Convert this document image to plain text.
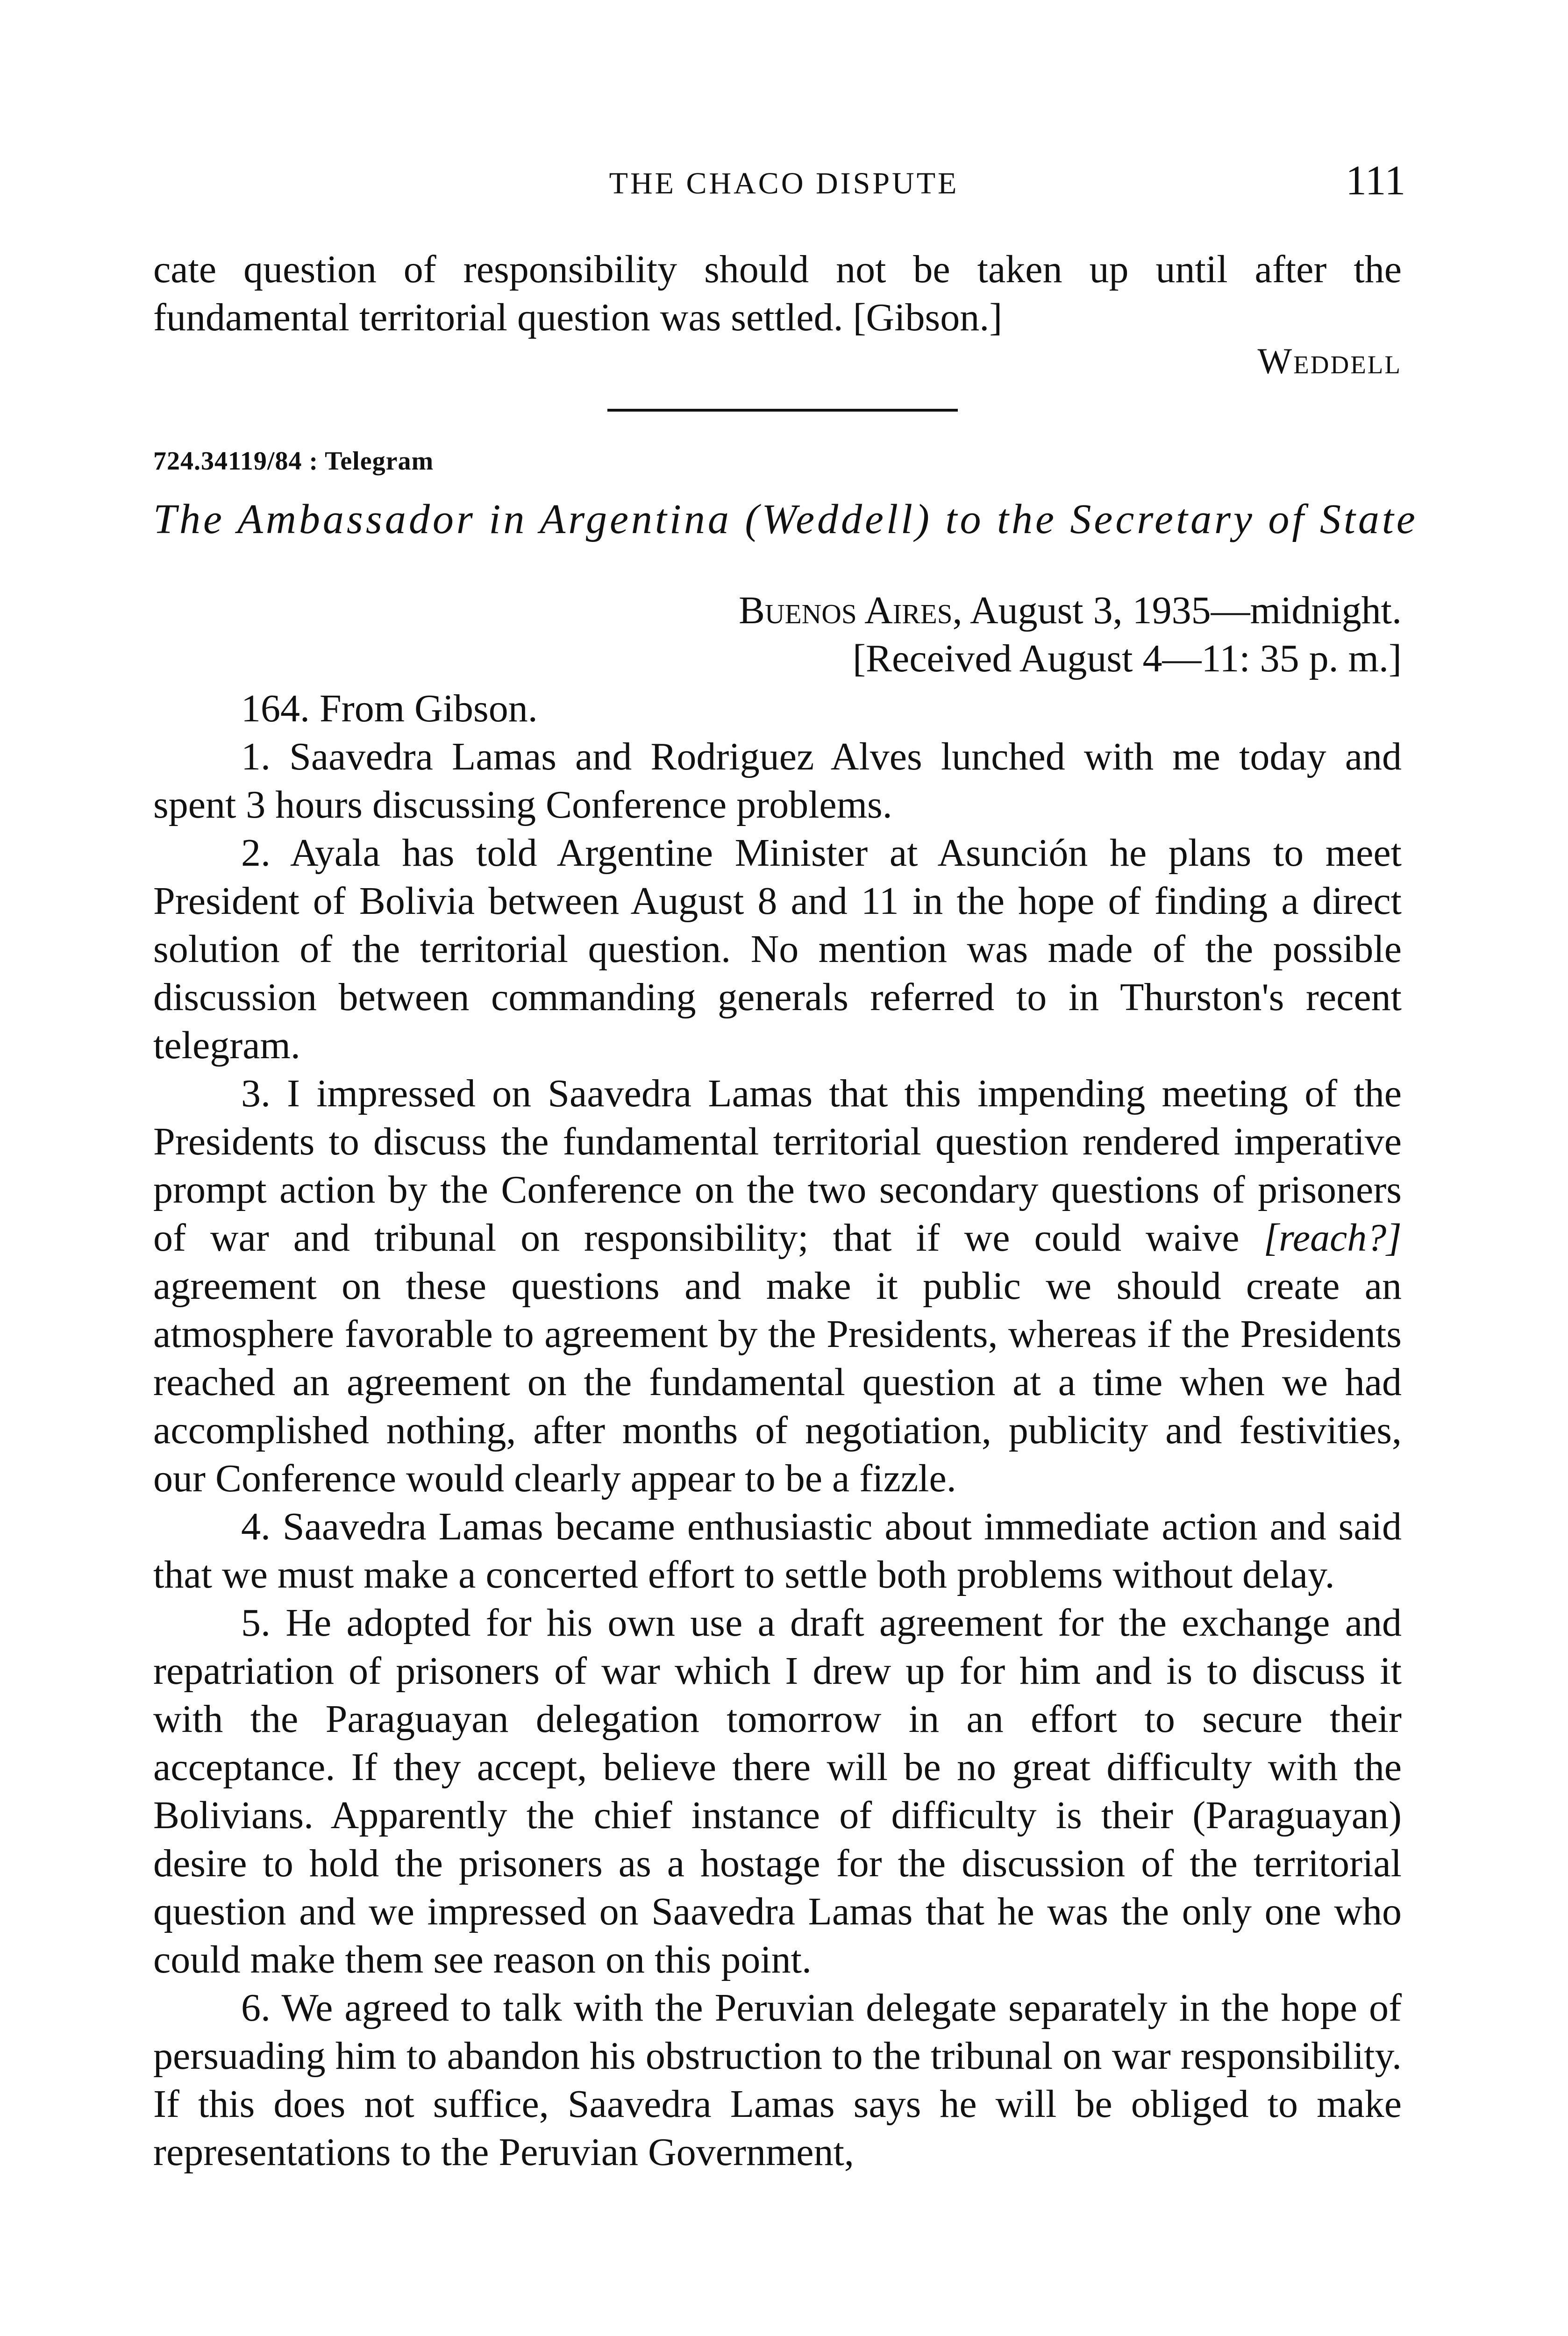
THE CHACO DISPUTE	111

cate question of responsibility should not be taken up until after the fundamental territorial question was settled. [Gibson.]

Weddell
724.34119/84 : Telegram
The Ambassador in Argentina (Weddell) to the Secretary of State
Buenos Aires, August 3, 1935—midnight.
[Received August 4—11: 35 p. m.]

164. From Gibson.

1. Saavedra Lamas and Rodriguez Alves lunched with me today and spent 3 hours discussing Conference problems.

2. Ayala has told Argentine Minister at Asunción he plans to meet President of Bolivia between August 8 and 11 in the hope of finding a direct solution of the territorial question. No mention was made of the possible discussion between commanding generals referred to in Thurston's recent telegram.

3. I impressed on Saavedra Lamas that this impending meeting of the Presidents to discuss the fundamental territorial question rendered imperative prompt action by the Conference on the two secondary questions of prisoners of war and tribunal on responsibility; that if we could waive [reach?] agreement on these questions and make it public we should create an atmosphere favorable to agreement by the Presidents, whereas if the Presidents reached an agreement on the fundamental question at a time when we had accomplished nothing, after months of negotiation, publicity and festivities, our Conference would clearly appear to be a fizzle.

4. Saavedra Lamas became enthusiastic about immediate action and said that we must make a concerted effort to settle both problems without delay.

5. He adopted for his own use a draft agreement for the exchange and repatriation of prisoners of war which I drew up for him and is to discuss it with the Paraguayan delegation tomorrow in an effort to secure their acceptance. If they accept, believe there will be no great difficulty with the Bolivians. Apparently the chief instance of difficulty is their (Paraguayan) desire to hold the prisoners as a hostage for the discussion of the territorial question and we impressed on Saavedra Lamas that he was the only one who could make them see reason on this point.

6. We agreed to talk with the Peruvian delegate separately in the hope of persuading him to abandon his obstruction to the tribunal on war responsibility. If this does not suffice, Saavedra Lamas says he will be obliged to make representations to the Peruvian Government,
